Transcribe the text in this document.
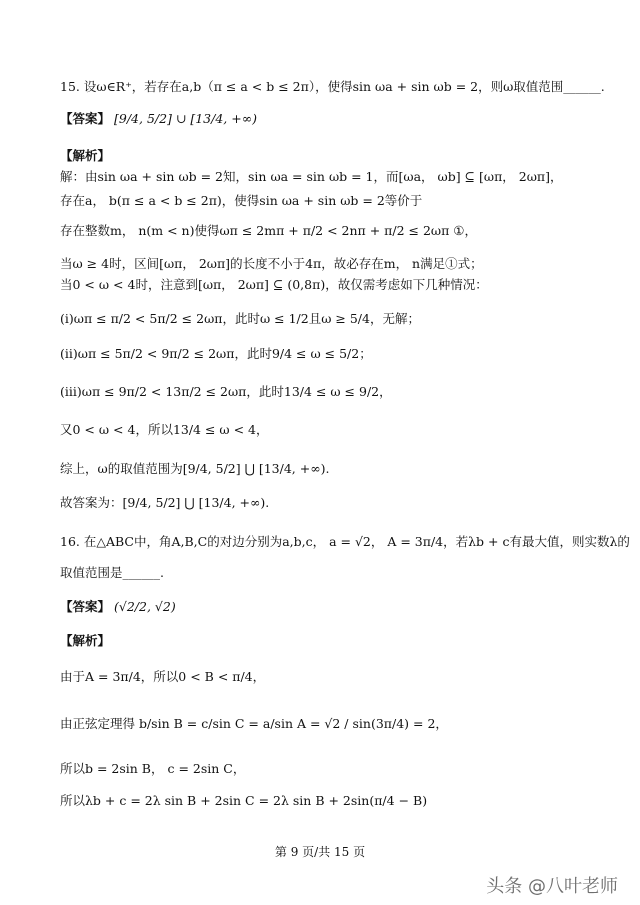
15. 设ω∈R⁺，若存在a,b（π ≤ a < b ≤ 2π），使得sin ωa + sin ωb = 2，则ω取值范围______.
【答案】 [9/4, 5/2] ∪ [13/4, +∞)
【解析】
解：由sin ωa + sin ωb = 2知，sin ωa = sin ωb = 1，而[ωa， ωb] ⊆ [ωπ， 2ωπ]，
存在a， b(π ≤ a < b ≤ 2π)，使得sin ωa + sin ωb = 2等价于
存在整数m， n(m < n)使得ωπ ≤ 2mπ + π/2 < 2nπ + π/2 ≤ 2ωπ ①，
当ω ≥ 4时，区间[ωπ， 2ωπ]的长度不小于4π，故必存在m， n满足①式；
当0 < ω < 4时，注意到[ωπ， 2ωπ] ⊆ (0,8π)，故仅需考虑如下几种情况：
(i)ωπ ≤ π/2 < 5π/2 ≤ 2ωπ，此时ω ≤ 1/2且ω ≥ 5/4，无解；
(ii)ωπ ≤ 5π/2 < 9π/2 ≤ 2ωπ，此时9/4 ≤ ω ≤ 5/2；
(iii)ωπ ≤ 9π/2 < 13π/2 ≤ 2ωπ，此时13/4 ≤ ω ≤ 9/2，
又0 < ω < 4，所以13/4 ≤ ω < 4，
综上，ω的取值范围为[9/4, 5/2] ⋃ [13/4, +∞).
故答案为：[9/4, 5/2] ⋃ [13/4, +∞).
16. 在△ABC中，角A,B,C的对边分别为a,b,c， a = √2， A = 3π/4，若λb + c有最大值，则实数λ的
取值范围是______.
【答案】 (√2/2, √2)
【解析】
由于A = 3π/4，所以0 < B < π/4，
由正弦定理得 b/sin B = c/sin C = a/sin A = √2 / sin(3π/4) = 2，
所以b = 2sin B， c = 2sin C，
所以λb + c = 2λ sin B + 2sin C = 2λ sin B + 2sin(π/4 − B)
第 9 页/共 15 页
头条 @八叶老师
